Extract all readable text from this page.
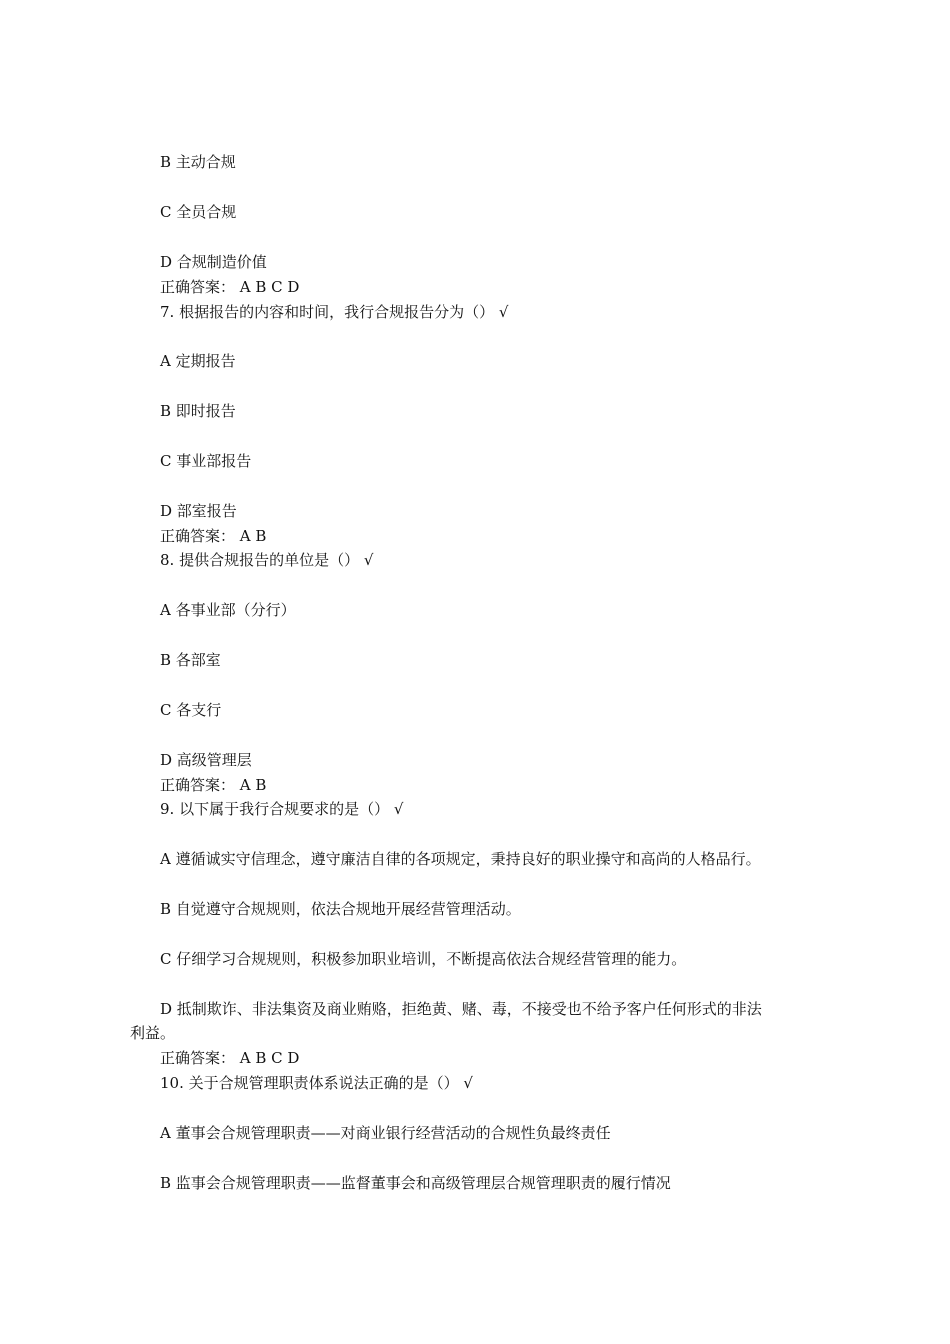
B 主动合规
C 全员合规
D 合规制造价值
正确答案： A B C D
7. 根据报告的内容和时间，我行合规报告分为（） √
A 定期报告
B 即时报告
C 事业部报告
D 部室报告
正确答案： A B
8. 提供合规报告的单位是（） √
A 各事业部（分行）
B 各部室
C 各支行
D 高级管理层
正确答案： A B
9. 以下属于我行合规要求的是（） √
A 遵循诚实守信理念，遵守廉洁自律的各项规定，秉持良好的职业操守和高尚的人格品行。
B 自觉遵守合规规则，依法合规地开展经营管理活动。
C 仔细学习合规规则，积极参加职业培训，不断提高依法合规经营管理的能力。
D 抵制欺诈、非法集资及商业贿赂，拒绝黄、赌、毒，不接受也不给予客户任何形式的非法
利益。
正确答案： A B C D
10. 关于合规管理职责体系说法正确的是（） √
A 董事会合规管理职责——对商业银行经营活动的合规性负最终责任
B 监事会合规管理职责——监督董事会和高级管理层合规管理职责的履行情况
